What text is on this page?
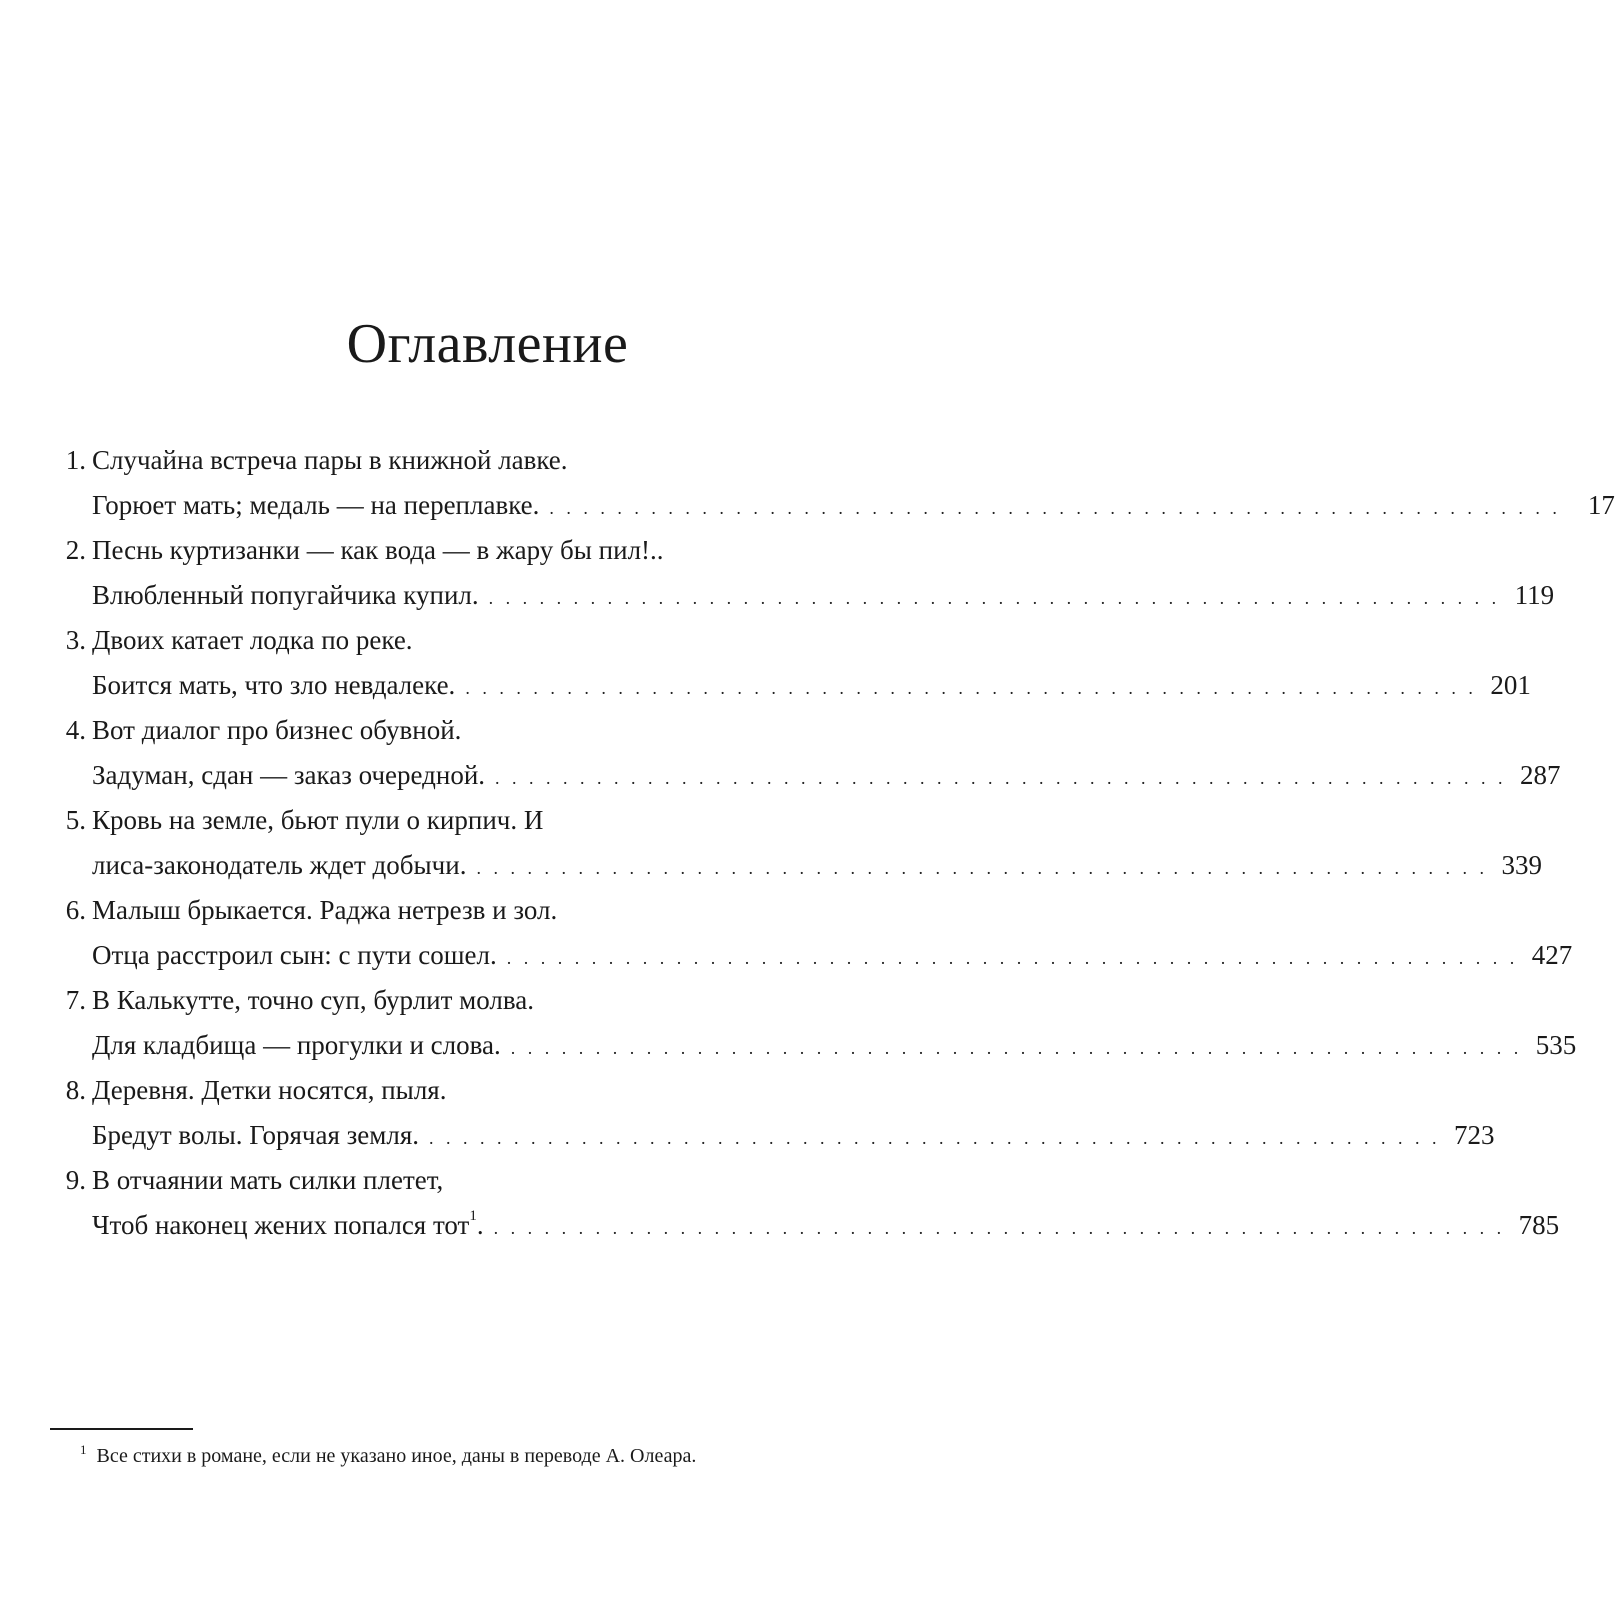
Оглавление
1. Случайна встреча пары в книжной лавке.
Горюет мать; медаль — на переплавке. . . . . . . . . . . . . . . . . . . . . . . . . . . . . . . . . . . . . . . . . . . . . . . . . . . . . . . . . . . . .	17
2. Песнь куртизанки — как вода — в жару бы пил!..
Влюбленный попугайчика купил. . . . . . . . . . . . . . . . . . . . . . . . . . . . . . . . . . . . . . . . . . . . . . . . . . . . . . . . . . . . . 119
3. Двоих катает лодка по реке.
Боится мать, что зло невдалеке. . . . . . . . . . . . . . . . . . . . . . . . . . . . . . . . . . . . . . . . . . . . . . . . . . . . . . . . . . . . . 201
4. Вот диалог про бизнес обувной.
Задуман, сдан — заказ очередной. . . . . . . . . . . . . . . . . . . . . . . . . . . . . . . . . . . . . . . . . . . . . . . . . . . . . . . . . . . . . 287
5. Кровь на земле, бьют пули о кирпич. И
лиса-законодатель ждет добычи. . . . . . . . . . . . . . . . . . . . . . . . . . . . . . . . . . . . . . . . . . . . . . . . . . . . . . . . . . . . . 339
6. Малыш брыкается. Раджа нетрезв и зол.
Отца расстроил сын: с пути сошел. . . . . . . . . . . . . . . . . . . . . . . . . . . . . . . . . . . . . . . . . . . . . . . . . . . . . . . . . . . . . 427
7. В Калькутте, точно суп, бурлит молва.
Для кладбища — прогулки и слова. . . . . . . . . . . . . . . . . . . . . . . . . . . . . . . . . . . . . . . . . . . . . . . . . . . . . . . . . . . . . 535
8. Деревня. Детки носятся, пыля.
Бредут волы. Горячая земля. . . . . . . . . . . . . . . . . . . . . . . . . . . . . . . . . . . . . . . . . . . . . . . . . . . . . . . . . . . . . 723
9. В отчаянии мать силки плетет,
Чтоб наконец жених попался тот$^1$. . . . . . . . . . . . . . . . . . . . . . . . . . . . . . . . . . . . . . . . . . . . . . . . . . . . . . . . . . . . . 785
$^1$ Все стихи в романе, если не указано иное, даны в переводе А. Олеара.
